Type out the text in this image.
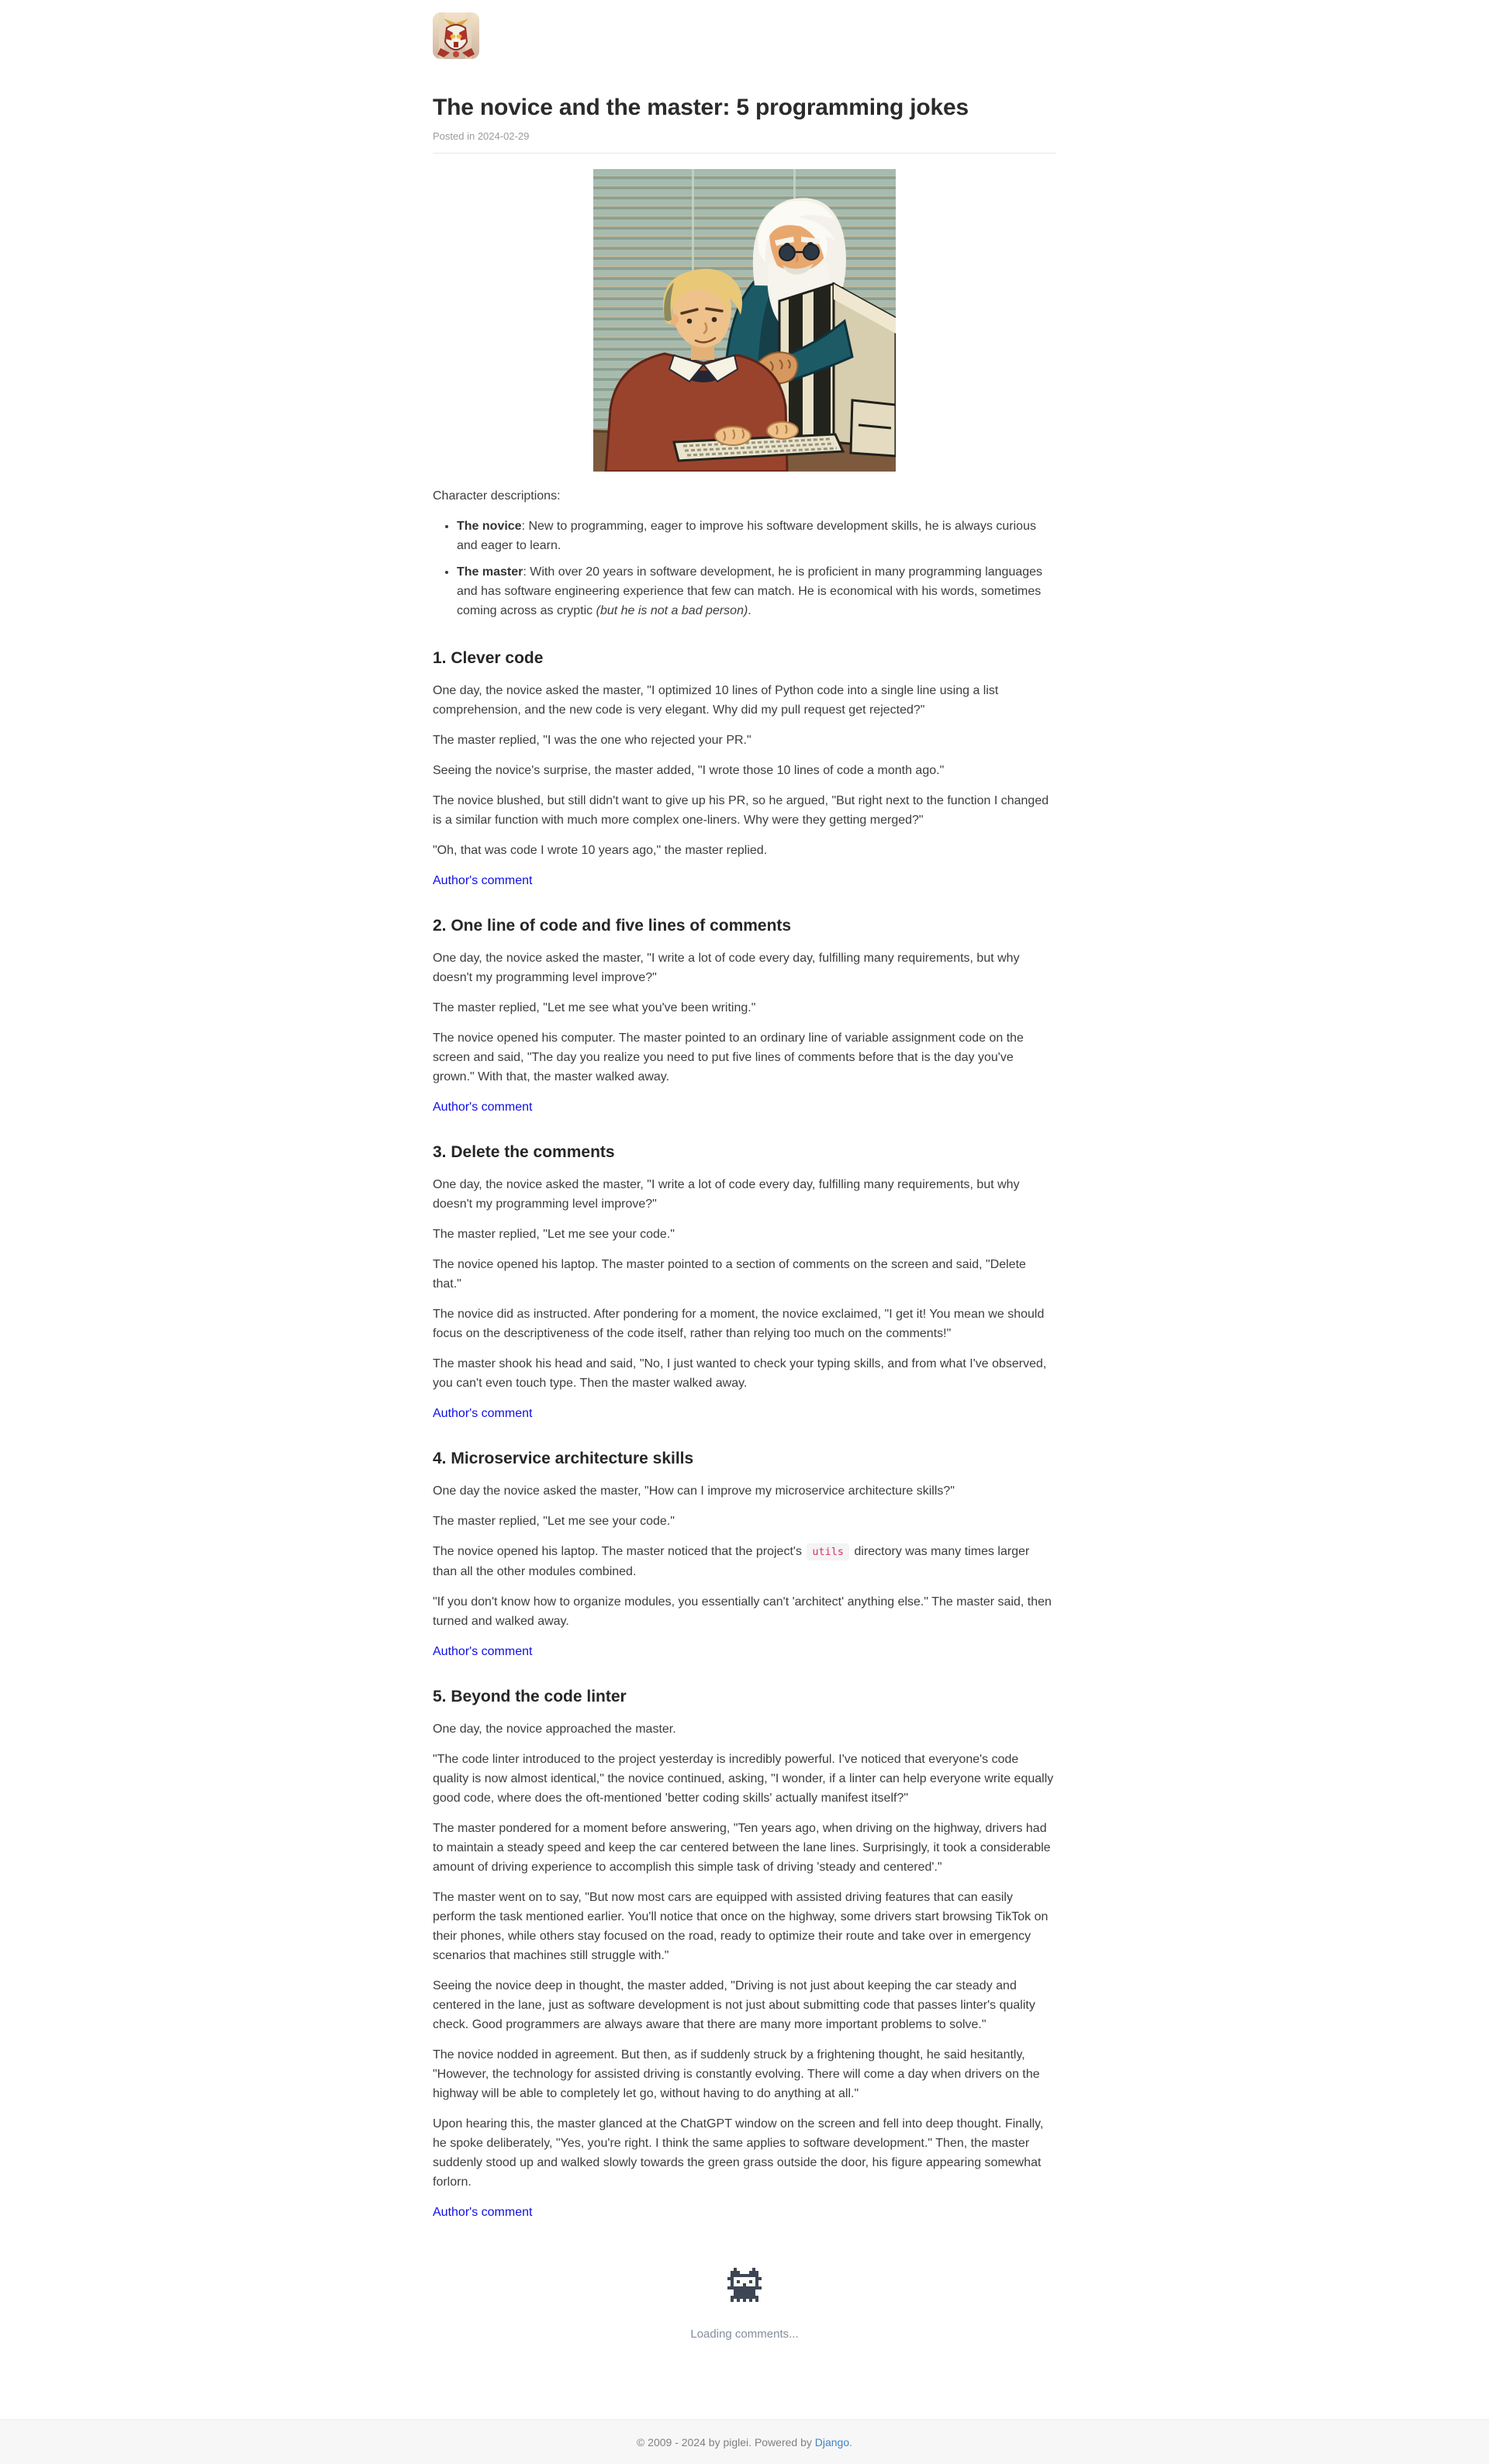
The novice and the master: 5 programming jokes

Posted in 2024-02-29

Character descriptions:

• The novice: New to programming, eager to improve his software development skills, he is always curious and eager to learn.
• The master: With over 20 years in software development, he is proficient in many programming languages and has software engineering experience that few can match. He is economical with his words, sometimes coming across as cryptic (but he is not a bad person).
1. Clever code

One day, the novice asked the master, "I optimized 10 lines of Python code into a single line using a list comprehension, and the new code is very elegant. Why did my pull request get rejected?"

The master replied, "I was the one who rejected your PR."

Seeing the novice's surprise, the master added, "I wrote those 10 lines of code a month ago."

The novice blushed, but still didn't want to give up his PR, so he argued, "But right next to the function I changed is a similar function with much more complex one-liners. Why were they getting merged?"

"Oh, that was code I wrote 10 years ago," the master replied.

Author's comment

2. One line of code and five lines of comments

One day, the novice asked the master, "I write a lot of code every day, fulfilling many requirements, but why doesn't my programming level improve?"

The master replied, "Let me see what you've been writing."

The novice opened his computer. The master pointed to an ordinary line of variable assignment code on the screen and said, "The day you realize you need to put five lines of comments before that is the day you've grown." With that, the master walked away.

Author's comment

3. Delete the comments

One day, the novice asked the master, "I write a lot of code every day, fulfilling many requirements, but why doesn't my programming level improve?"

The master replied, "Let me see your code."

The novice opened his laptop. The master pointed to a section of comments on the screen and said, "Delete that."

The novice did as instructed. After pondering for a moment, the novice exclaimed, "I get it! You mean we should focus on the descriptiveness of the code itself, rather than relying too much on the comments!"

The master shook his head and said, "No, I just wanted to check your typing skills, and from what I've observed, you can't even touch type. Then the master walked away.

Author's comment

4. Microservice architecture skills

One day the novice asked the master, "How can I improve my microservice architecture skills?"

The master replied, "Let me see your code."

The novice opened his laptop. The master noticed that the project's utils directory was many times larger than all the other modules combined.

"If you don't know how to organize modules, you essentially can't 'architect' anything else." The master said, then turned and walked away.

Author's comment

5. Beyond the code linter

One day, the novice approached the master.

"The code linter introduced to the project yesterday is incredibly powerful. I've noticed that everyone's code quality is now almost identical," the novice continued, asking, "I wonder, if a linter can help everyone write equally good code, where does the oft-mentioned 'better coding skills' actually manifest itself?"

The master pondered for a moment before answering, "Ten years ago, when driving on the highway, drivers had to maintain a steady speed and keep the car centered between the lane lines. Surprisingly, it took a considerable amount of driving experience to accomplish this simple task of driving 'steady and centered'."

The master went on to say, "But now most cars are equipped with assisted driving features that can easily perform the task mentioned earlier. You'll notice that once on the highway, some drivers start browsing TikTok on their phones, while others stay focused on the road, ready to optimize their route and take over in emergency scenarios that machines still struggle with."

Seeing the novice deep in thought, the master added, "Driving is not just about keeping the car steady and centered in the lane, just as software development is not just about submitting code that passes linter's quality check. Good programmers are always aware that there are many more important problems to solve."

The novice nodded in agreement. But then, as if suddenly struck by a frightening thought, he said hesitantly, "However, the technology for assisted driving is constantly evolving. There will come a day when drivers on the highway will be able to completely let go, without having to do anything at all."

Upon hearing this, the master glanced at the ChatGPT window on the screen and fell into deep thought. Finally, he spoke deliberately, "Yes, you're right. I think the same applies to software development." Then, the master suddenly stood up and walked slowly towards the green grass outside the door, his figure appearing somewhat forlorn.

Author's comment

Loading comments...

© 2009 - 2024 by piglei. Powered by Django.
